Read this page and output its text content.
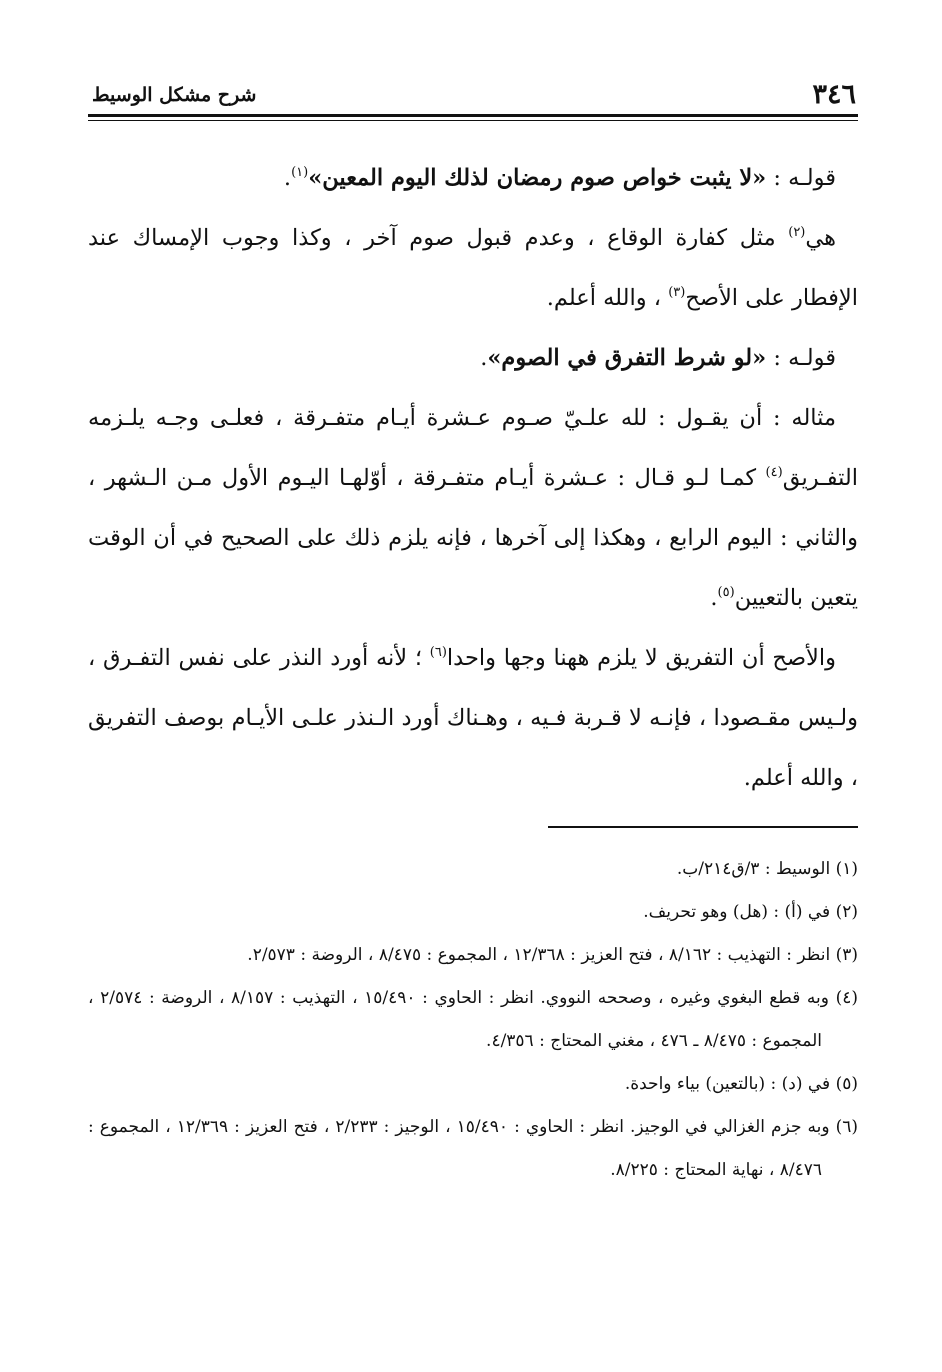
٣٤٦
شرح مشكل الوسيط

قولـه : «لا يثبت خواص صوم رمضان لذلك اليوم المعين»$^{(١)}$.

هي$^{(٢)}$ مثل كفارة الوقاع ، وعدم قبول صوم آخر ، وكذا وجوب الإمساك عند الإفطار على الأصح$^{(٣)}$ ، والله أعلم.

قولـه : «لو شرط التفرق في الصوم».

مثاله : أن يقـول : لله علـيّ صـوم عـشرة أيـام متفـرقة ، فعلـى وجـه يلـزمه التفـريق$^{(٤)}$ كمـا لـو قـال : عـشرة أيـام متفـرقة ، أوّلهـا اليـوم الأول مـن الـشهر ، والثاني : اليوم الرابع ، وهكذا إلى آخرها ، فإنه يلزم ذلك على الصحيح في أن الوقت يتعين بالتعيين$^{(٥)}$.

والأصح أن التفريق لا يلزم ههنا وجها واحدا$^{(٦)}$ ؛ لأنه أورد النذر على نفس التفـرق ، ولـيس مقـصودا ، فإنـه لا قـربة فـيه ، وهـناك أورد الـنذر علـى الأيـام بوصف التفريق ، والله أعلم.

(١) الوسيط : ٣/ق٢١٤/ب.

(٢) في (أ) : (هل) وهو تحريف.

(٣) انظر : التهذيب : ٨/١٦٢ ، فتح العزيز : ١٢/٣٦٨ ، المجموع : ٨/٤٧٥ ، الروضة : ٢/٥٧٣.

(٤) وبه قطع البغوي وغيره ، وصححه النووي. انظر : الحاوي : ١٥/٤٩٠ ، التهذيب : ٨/١٥٧ ، الروضة : ٢/٥٧٤ ، المجموع : ٨/٤٧٥ ـ ٤٧٦ ، مغني المحتاج : ٤/٣٥٦.

(٥) في (د) : (بالتعين) بياء واحدة.

(٦) وبه جزم الغزالي في الوجيز. انظر : الحاوي : ١٥/٤٩٠ ، الوجيز : ٢/٢٣٣ ، فتح العزيز : ١٢/٣٦٩ ، المجموع : ٨/٤٧٦ ، نهاية المحتاج : ٨/٢٢٥.
